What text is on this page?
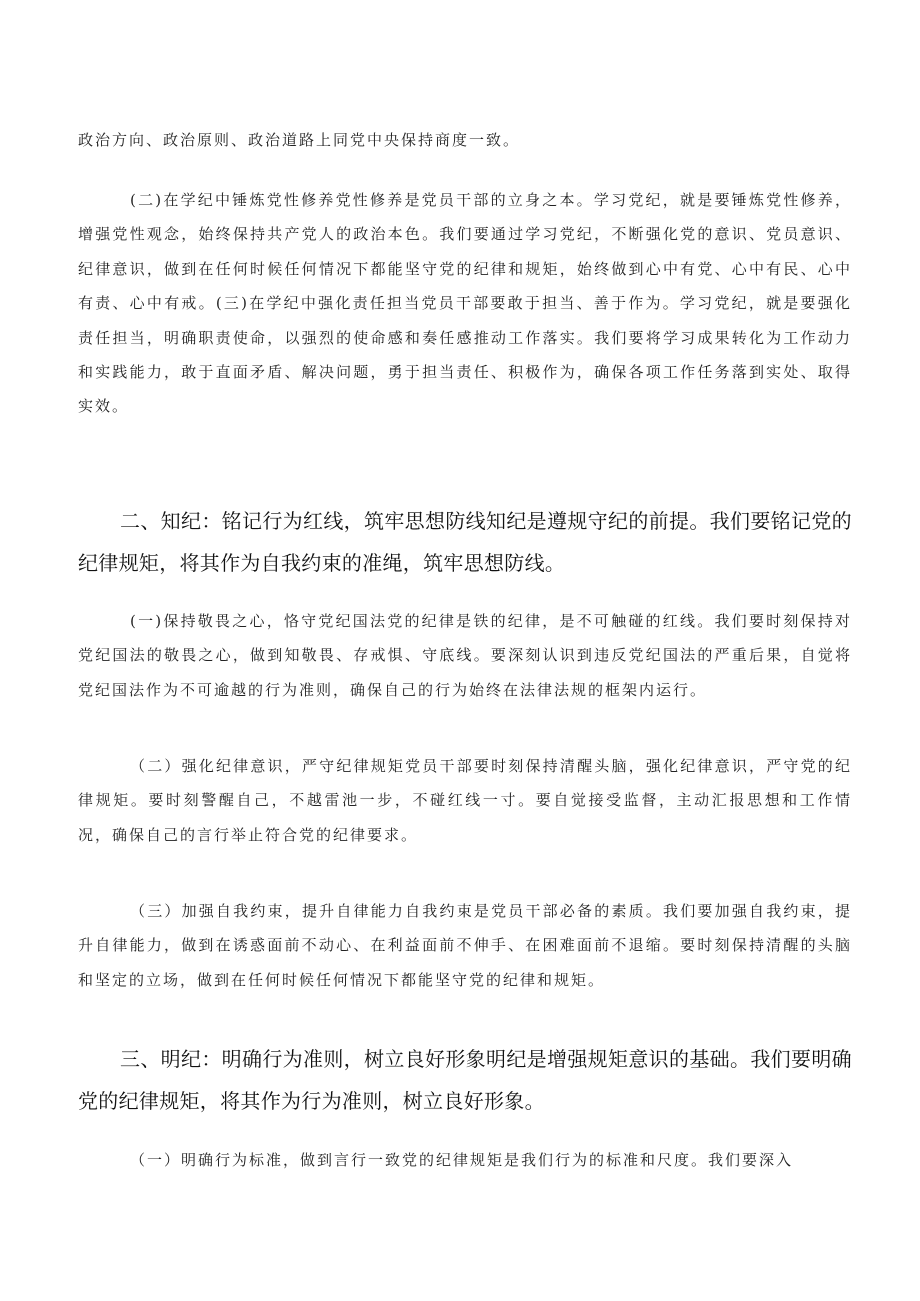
政治方向、政治原则、政治道路上同党中央保持商度一致。

(二)在学纪中锤炼党性修养党性修养是党员干部的立身之本。学习党纪，就是要锤炼党性修养，增强党性观念，始终保持共产党人的政治本色。我们要通过学习党纪，不断强化党的意识、党员意识、纪律意识，做到在任何时候任何情况下都能坚守党的纪律和规矩，始终做到心中有党、心中有民、心中有责、心中有戒。(三)在学纪中强化责任担当党员干部要敢于担当、善于作为。学习党纪，就是要强化责任担当，明确职责使命，以强烈的使命感和奏任感推动工作落实。我们要将学习成果转化为工作动力和实践能力，敢于直面矛盾、解决问题，勇于担当责任、积极作为，确保各项工作任务落到实处、取得实效。

二、知纪：铭记行为红线，筑牢思想防线知纪是遵规守纪的前提。我们要铭记党的纪律规矩，将其作为自我约束的准绳，筑牢思想防线。

(一)保持敬畏之心，恪守党纪国法党的纪律是铁的纪律，是不可触碰的红线。我们要时刻保持对党纪国法的敬畏之心，做到知敬畏、存戒惧、守底线。要深刻认识到违反党纪国法的严重后果，自觉将党纪国法作为不可逾越的行为准则，确保自己的行为始终在法律法规的框架内运行。

（二）强化纪律意识，严守纪律规矩党员干部要时刻保持清醒头脑，强化纪律意识，严守党的纪律规矩。要时刻警醒自己，不越雷池一步，不碰红线一寸。要自觉接受监督，主动汇报思想和工作情况，确保自己的言行举止符合党的纪律要求。

（三）加强自我约束，提升自律能力自我约束是党员干部必备的素质。我们要加强自我约束，提升自律能力，做到在诱惑面前不动心、在利益面前不伸手、在困难面前不退缩。要时刻保持清醒的头脑和坚定的立场，做到在任何时候任何情况下都能坚守党的纪律和规矩。

三、明纪：明确行为准则，树立良好形象明纪是增强规矩意识的基础。我们要明确党的纪律规矩，将其作为行为准则，树立良好形象。

（一）明确行为标准，做到言行一致党的纪律规矩是我们行为的标准和尺度。我们要深入
